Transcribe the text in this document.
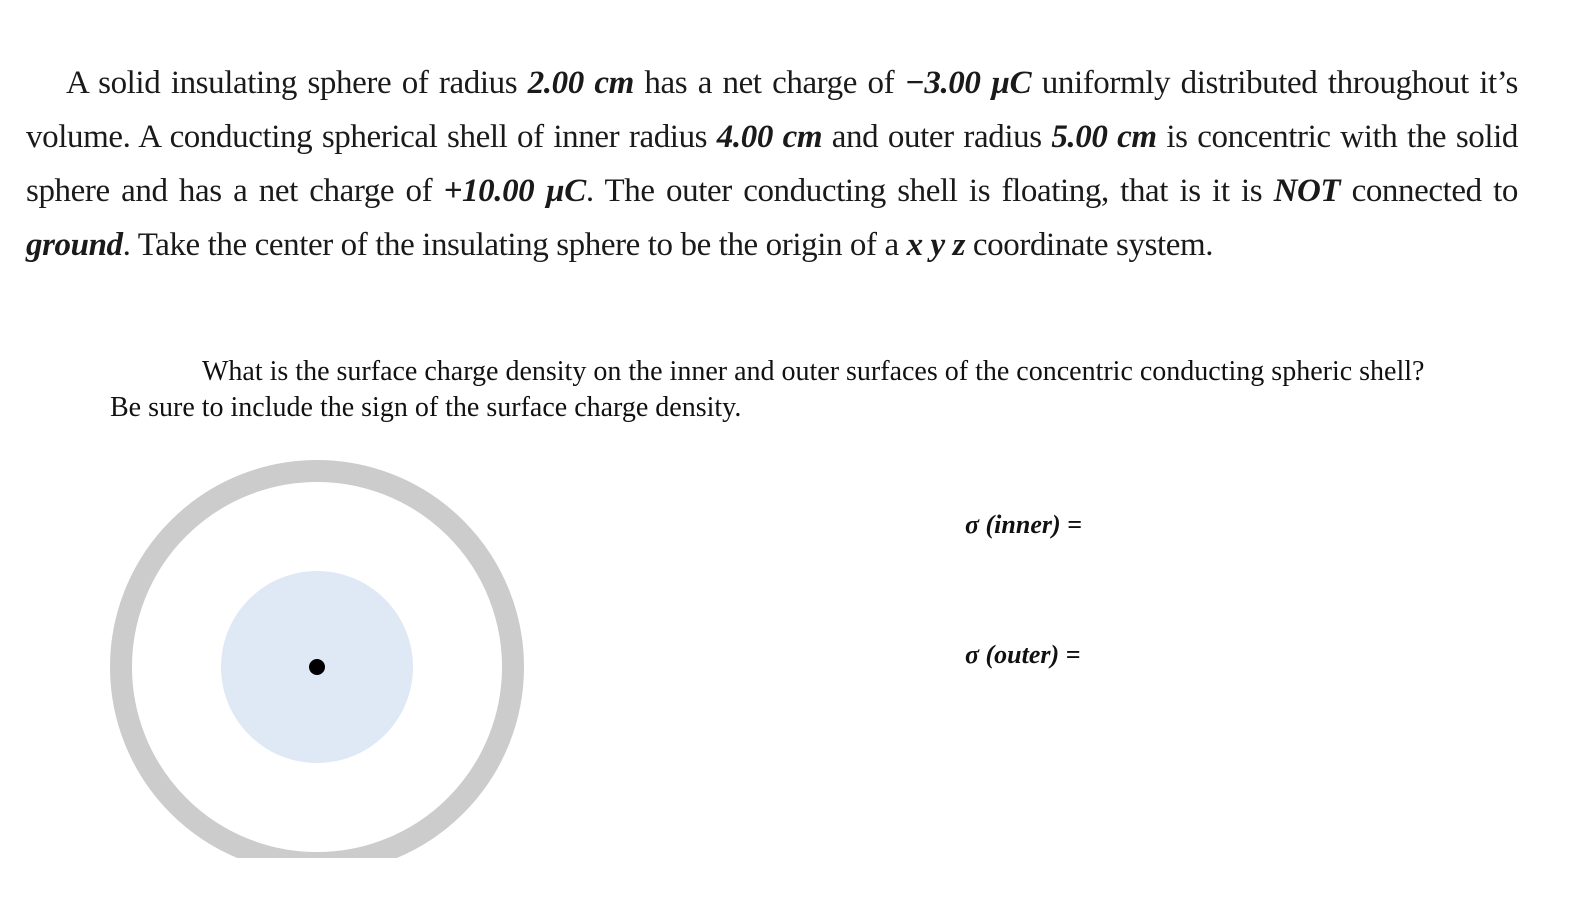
A solid insulating sphere of radius 2.00 cm has a net charge of −3.00 µC uniformly distributed throughout it’s volume. A conducting spherical shell of inner radius 4.00 cm and outer radius 5.00 cm is concentric with the solid sphere and has a net charge of +10.00 µC. The outer conducting shell is floating, that is it is NOT connected to ground. Take the center of the insulating sphere to be the origin of a x y z coordinate system.
What is the surface charge density on the inner and outer surfaces of the concentric conducting spheric shell? Be sure to include the sign of the surface charge density.
σ (inner) =
σ (outer) =
